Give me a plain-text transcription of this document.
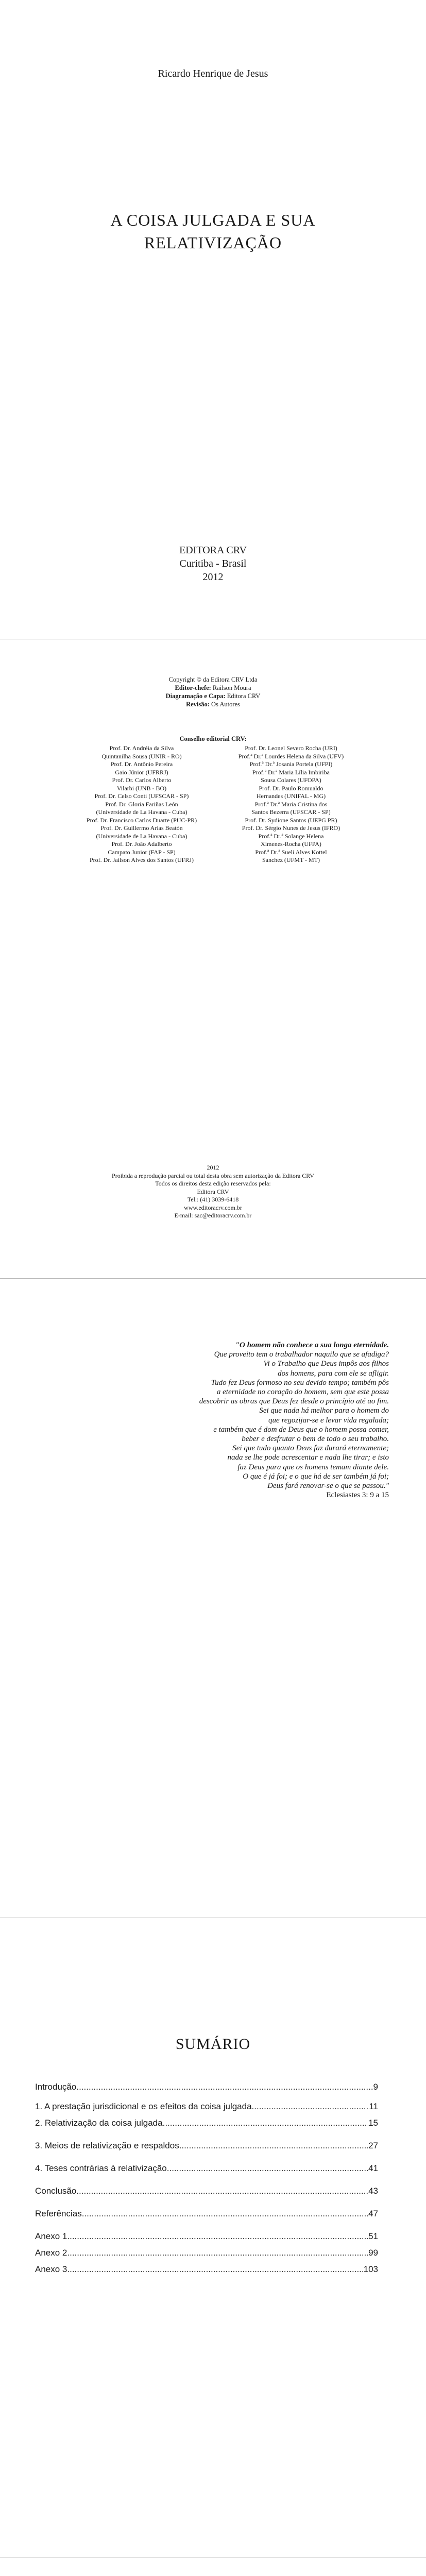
Ricardo Henrique de Jesus
A COISA JULGADA E SUA
RELATIVIZAÇÃO
EDITORA CRV
Curitiba - Brasil
2012
Copyright © da Editora CRV Ltda
Editor-chefe: Railson Moura
Diagramação e Capa: Editora CRV
Revisão: Os Autores
Conselho editorial CRV:
Prof. Dr. Andréia da Silva
Quintanilha Sousa (UNIR - RO)
Prof. Dr. Antônio Pereira
Gaio Júnior (UFRRJ)
Prof. Dr. Carlos Alberto
Vilarbi (UNB - BO)
Prof. Dr. Celso Conti (UFSCAR - SP)
Prof. Dr. Gloria Fariñas León
(Universidade de La Havana - Cuba)
Prof. Dr. Francisco Carlos Duarte (PUC-PR)
Prof. Dr. Guillermo Arias Beatón
(Universidade de La Havana - Cuba)
Prof. Dr. João Adalberto
Campato Junior (FAP - SP)
Prof. Dr. Jailson Alves dos Santos (UFRJ)
Prof. Dr. Leonel Severo Rocha (URI)
Prof.ª Dr.ª Lourdes Helena da Silva (UFV)
Prof.ª Dr.ª Josania Portela (UFPI)
Prof.ª Dr.ª Maria Lília Imbiriba
Sousa Colares (UFOPA)
Prof. Dr. Paulo Romualdo
Hernandes (UNIFAL - MG)
Prof.ª Dr.ª Maria Cristina dos
Santos Bezerra (UFSCAR - SP)
Prof. Dr. Sydione Santos (UEPG PR)
Prof. Dr. Sérgio Nunes de Jesus (IFRO)
Prof.ª Dr.ª Solange Helena
Ximenes-Rocha (UFPA)
Prof.ª Dr.ª Sueli Alves Kottel
Sanchez (UFMT - MT)
2012
Proibida a reprodução parcial ou total desta obra sem autorização da Editora CRV
Todos os direitos desta edição reservados pela:
Editora CRV
Tel.: (41) 3039-6418
www.editoracrv.com.br
E-mail: sac@editoracrv.com.br
"O homem não conhece a sua longa eternidade.
Que proveito tem o trabalhador naquilo que se afadiga?
Vi o Trabalho que Deus impôs aos filhos
dos homens, para com ele se afligir.
Tudo fez Deus formoso no seu devido tempo; também pôs
a eternidade no coração do homem, sem que este possa
descobrir as obras que Deus fez desde o princípio até ao fim.
Sei que nada há melhor para o homem do
que regozijar-se e levar vida regalada;
e também que é dom de Deus que o homem possa comer,
beber e desfrutar o bem de todo o seu trabalho.
Sei que tudo quanto Deus faz durará eternamente;
nada se lhe pode acrescentar e nada lhe tirar; e isto
faz Deus para que os homens temam diante dele.
O que é já foi; e o que há de ser também já foi;
Deus fará renovar-se o que se passou."
Eclesiastes 3: 9 a 15
SUMÁRIO
Introdução .....	9
1. A prestação jurisdicional e os efeitos da coisa julgada .....	11
2. Relativização da coisa julgada .....	15
3. Meios de relativização e respaldos .....	27
4. Teses contrárias à relativização .....	41
Conclusão .....	43
Referências .....	47
Anexo 1 .....	51
Anexo 2 .....	99
Anexo 3 .....	103
